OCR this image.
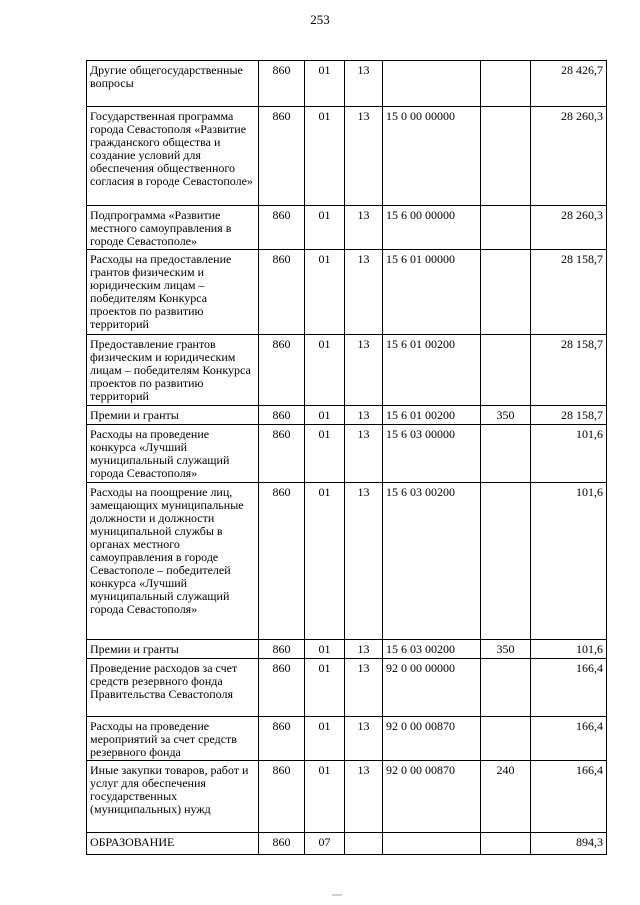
253
Другие общегосударственные вопросы	860	01	13			28 426,7
Государственная программа города Севастополя «Развитие гражданского общества и создание условий для обеспечения общественного согласия в городе Севастополе»	860	01	13	15 0 00 00000		28 260,3
Подпрограмма «Развитие местного самоуправления в городе Севастополе»	860	01	13	15 6 00 00000		28 260,3
Расходы на предоставление грантов физическим и юридическим лицам – победителям Конкурса проектов по развитию территорий	860	01	13	15 6 01 00000		28 158,7
Предоставление грантов физическим и юридическим лицам – победителям Конкурса проектов по развитию территорий	860	01	13	15 6 01 00200		28 158,7
Премии и гранты	860	01	13	15 6 01 00200	350	28 158,7
Расходы на проведение конкурса «Лучший муниципальный служащий города Севастополя»	860	01	13	15 6 03 00000		101,6
Расходы на поощрение лиц, замещающих муниципальные должности и должности муниципальной службы в органах местного самоуправления в городе Севастополе – победителей конкурса «Лучший муниципальный служащий города Севастополя»	860	01	13	15 6 03 00200		101,6
Премии и гранты	860	01	13	15 6 03 00200	350	101,6
Проведение расходов за счет средств резервного фонда Правительства Севастополя	860	01	13	92 0 00 00000		166,4
Расходы на проведение мероприятий за счет средств резервного фонда	860	01	13	92 0 00 00870		166,4
Иные закупки товаров, работ и услуг для обеспечения государственных (муниципальных) нужд	860	01	13	92 0 00 00870	240	166,4
ОБРАЗОВАНИЕ	860	07				894,3
